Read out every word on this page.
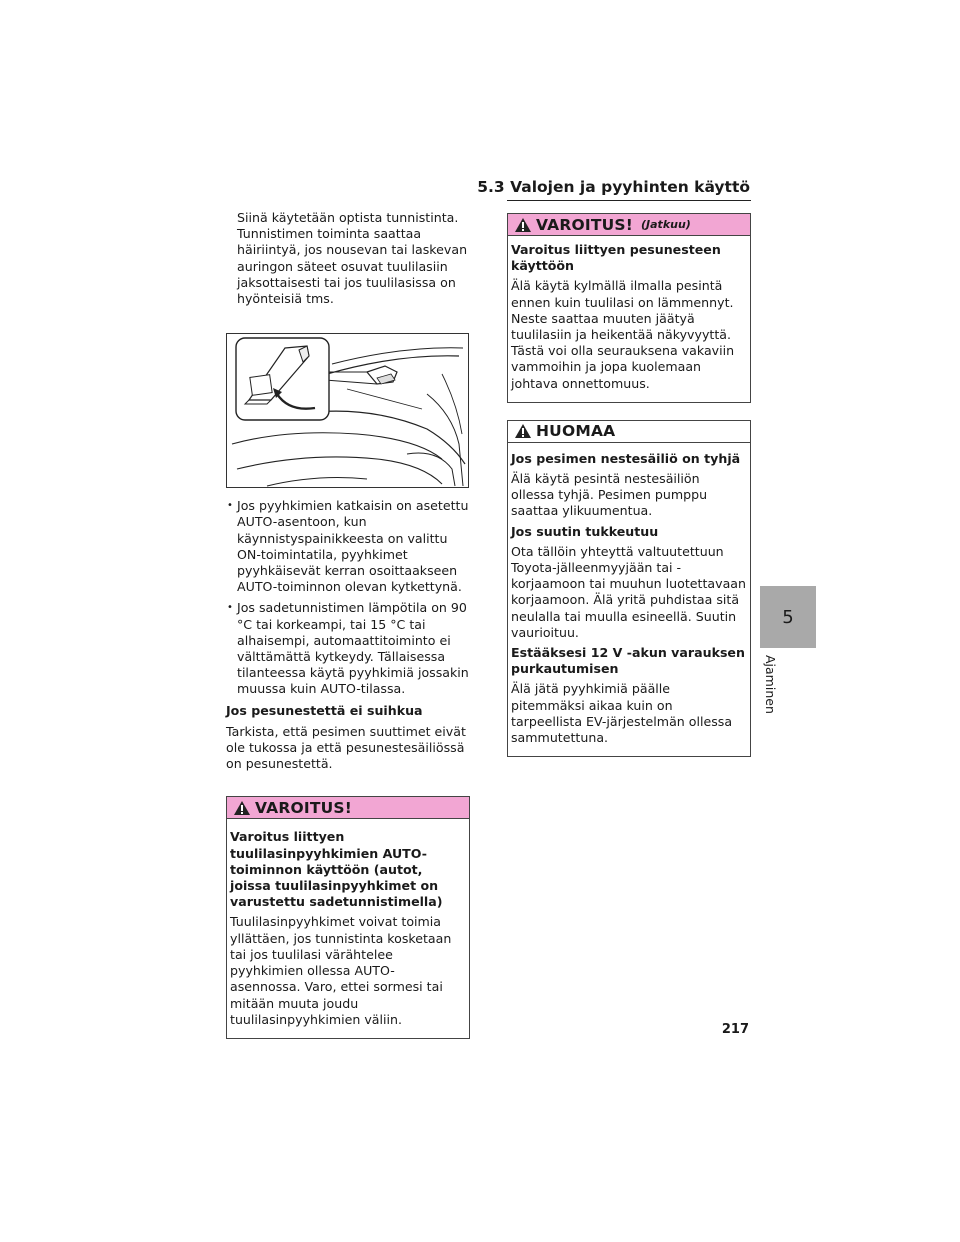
5.3 Valojen ja pyyhinten käyttö

Siinä käytetään optista tunnistinta. Tunnistimen toiminta saattaa häiriintyä, jos nousevan tai laskevan auringon säteet osuvat tuulilasiin jaksottaisesti tai jos tuulilasissa on hyönteisiä tms.

• Jos pyyhkimien katkaisin on asetettu AUTO-asentoon, kun käynnistyspainikkeesta on valittu ON-toimintatila, pyyhkimet pyyhkäisevät kerran osoittaakseen AUTO-toiminnon olevan kytkettynä.
• Jos sadetunnistimen lämpötila on 90 °C tai korkeampi, tai 15 °C tai alhaisempi, automaattitoiminto ei välttämättä kytkeydy. Tällaisessa tilanteessa käytä pyyhkimiä jossakin muussa kuin AUTO-tilassa.

Jos pesunestettä ei suihkua

Tarkista, että pesimen suuttimet eivät ole tukossa ja että pesunestesäiliössä on pesunestettä.

VAROITUS!

Varoitus liittyen tuulilasinpyyhkimien AUTO-toiminnon käyttöön (autot, joissa tuulilasinpyyhkimet on varustettu sadetunnistimella)

Tuulilasinpyyhkimet voivat toimia yllättäen, jos tunnistinta kosketaan tai jos tuulilasi värähtelee pyyhkimien ollessa AUTO-asennossa. Varo, ettei sormesi tai mitään muuta joudu tuulilasinpyyhkimien väliin.

VAROITUS! (Jatkuu)

Varoitus liittyen pesunesteen käyttöön

Älä käytä kylmällä ilmalla pesintä ennen kuin tuulilasi on lämmennyt. Neste saattaa muuten jäätyä tuulilasiin ja heikentää näkyvyyttä. Tästä voi olla seurauksena vakaviin vammoihin ja jopa kuolemaan johtava onnettomuus.

HUOMAA

Jos pesimen nestesäiliö on tyhjä

Älä käytä pesintä nestesäiliön ollessa tyhjä. Pesimen pumppu saattaa ylikuumentua.

Jos suutin tukkeutuu

Ota tällöin yhteyttä valtuutettuun Toyota-jälleenmyyjään tai -korjaamoon tai muuhun luotettavaan korjaamoon. Älä yritä puhdistaa sitä neulalla tai muulla esineellä. Suutin vaurioituu.

Estääksesi 12 V -akun varauksen purkautumisen

Älä jätä pyyhkimiä päälle pitemmäksi aikaa kuin on tarpeellista EV-järjestelmän ollessa sammutettuna.

5
Ajaminen
217
